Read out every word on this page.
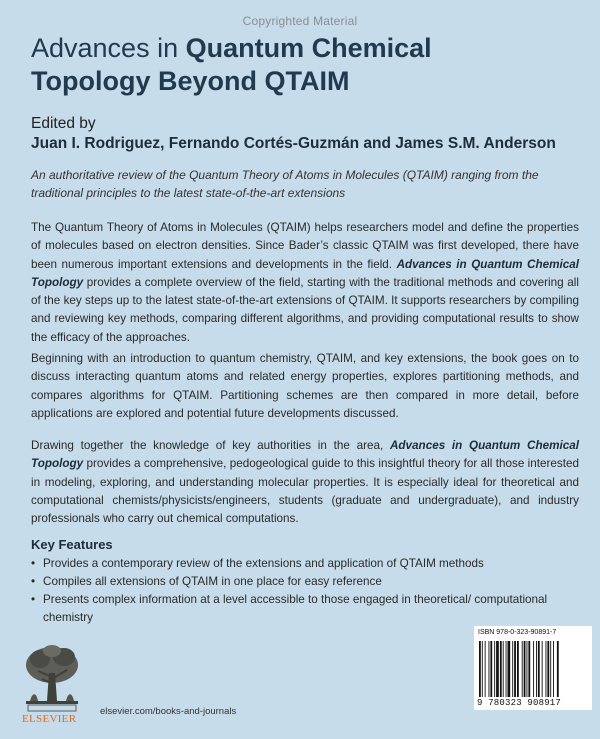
Copyrighted Material
Advances in Quantum Chemical
Topology Beyond QTAIM
Edited by
Juan I. Rodriguez, Fernando Cortés-Guzmán and James S.M. Anderson
An authoritative review of the Quantum Theory of Atoms in Molecules (QTAIM) ranging from the traditional principles to the latest state-of-the-art extensions
The Quantum Theory of Atoms in Molecules (QTAIM) helps researchers model and define the properties of molecules based on electron densities. Since Bader’s classic QTAIM was first developed, there have been numerous important extensions and developments in the field. Advances in Quantum Chemical Topology provides a complete overview of the field, starting with the traditional methods and covering all of the key steps up to the latest state-of-the-art extensions of QTAIM. It supports researchers by compiling and reviewing key methods, comparing different algorithms, and providing computational results to show the efficacy of the approaches.
Beginning with an introduction to quantum chemistry, QTAIM, and key extensions, the book goes on to discuss interacting quantum atoms and related energy properties, explores partitioning methods, and compares algorithms for QTAIM. Partitioning schemes are then compared in more detail, before applications are explored and potential future developments discussed.
Drawing together the knowledge of key authorities in the area, Advances in Quantum Chemical Topology provides a comprehensive, pedogeological guide to this insightful theory for all those interested in modeling, exploring, and understanding molecular properties. It is especially ideal for theoretical and computational chemists/physicists/engineers, students (graduate and undergraduate), and industry professionals who carry out chemical computations.
Key Features
• Provides a contemporary review of the extensions and application of QTAIM methods
• Compiles all extensions of QTAIM in one place for easy reference
• Presents complex information at a level accessible to those engaged in theoretical/ computational chemistry
ELSEVIER
elsevier.com/books-and-journals
ISBN 978-0-323-90891-7
9 780323 908917
